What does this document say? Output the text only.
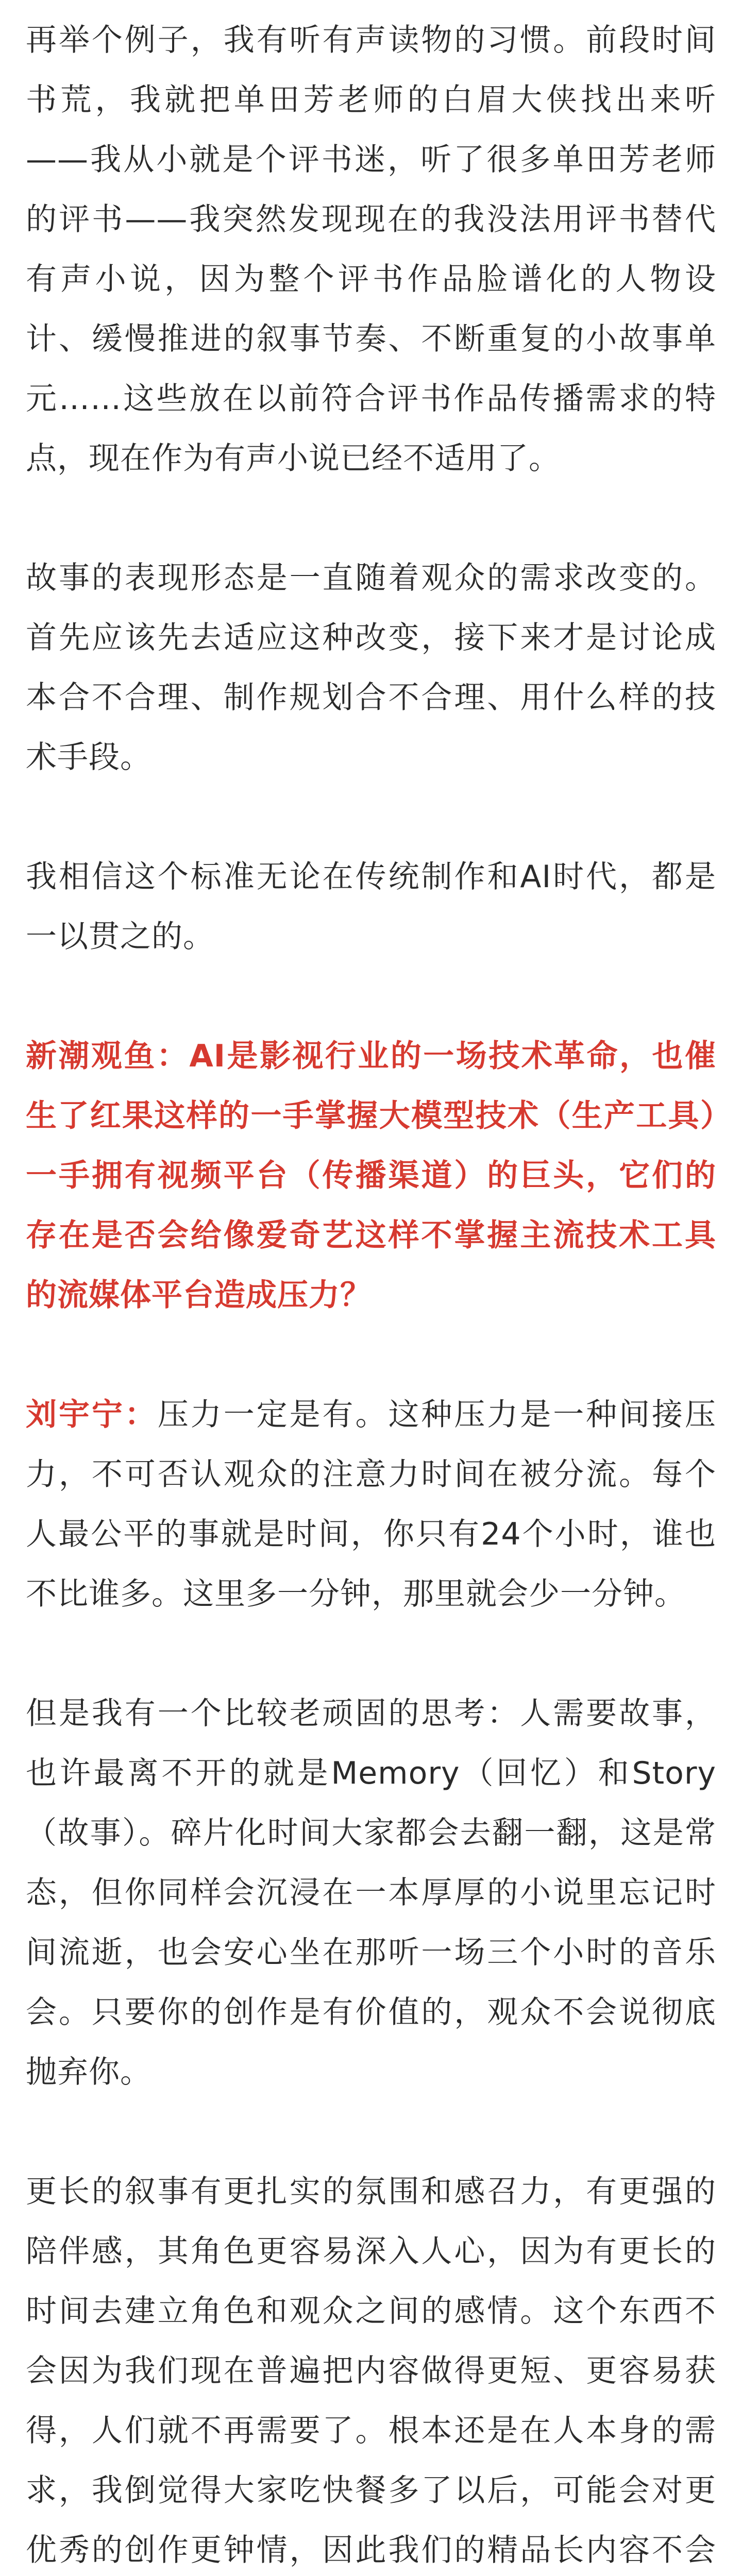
再举个例子，我有听有声读物的习惯。前段时间书荒，我就把单田芳老师的白眉大侠找出来听——我从小就是个评书迷，听了很多单田芳老师的评书——我突然发现现在的我没法用评书替代有声小说，因为整个评书作品脸谱化的人物设计、缓慢推进的叙事节奏、不断重复的小故事单元……这些放在以前符合评书作品传播需求的特点，现在作为有声小说已经不适用了。

故事的表现形态是一直随着观众的需求改变的。首先应该先去适应这种改变，接下来才是讨论成本合不合理、制作规划合不合理、用什么样的技术手段。

我相信这个标准无论在传统制作和AI时代，都是一以贯之的。

新潮观鱼：AI是影视行业的一场技术革命，也催生了红果这样的一手掌握大模型技术（生产工具）一手拥有视频平台（传播渠道）的巨头，它们的存在是否会给像爱奇艺这样不掌握主流技术工具的流媒体平台造成压力？

刘宇宁：压力一定是有。这种压力是一种间接压力，不可否认观众的注意力时间在被分流。每个人最公平的事就是时间，你只有24个小时，谁也不比谁多。这里多一分钟，那里就会少一分钟。

但是我有一个比较老顽固的思考：人需要故事，也许最离不开的就是Memory（回忆）和Story（故事）。碎片化时间大家都会去翻一翻，这是常态，但你同样会沉浸在一本厚厚的小说里忘记时间流逝，也会安心坐在那听一场三个小时的音乐会。只要你的创作是有价值的，观众不会说彻底抛弃你。

更长的叙事有更扎实的氛围和感召力，有更强的陪伴感，其角色更容易深入人心，因为有更长的时间去建立角色和观众之间的感情。这个东西不会因为我们现在普遍把内容做得更短、更容易获得，人们就不再需要了。根本还是在人本身的需求，我倒觉得大家吃快餐多了以后，可能会对更优秀的创作更钟情，因此我们的精品长内容不会
